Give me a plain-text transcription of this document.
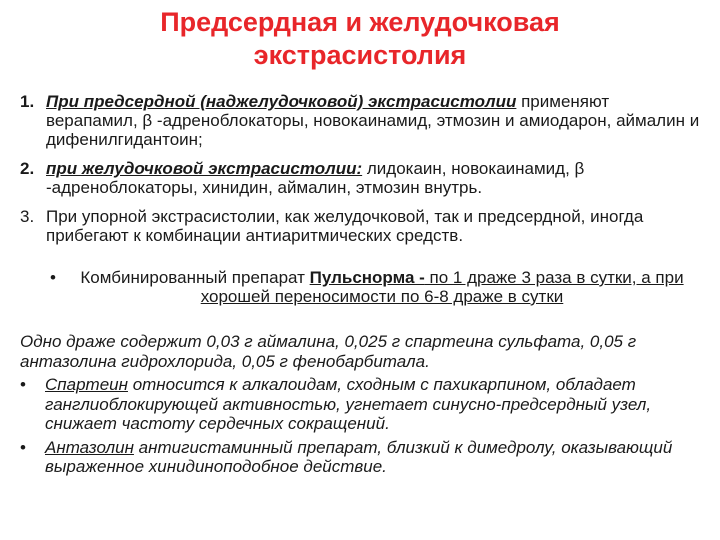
Предсердная и желудочковая
экстрасистолия
1. При предсердной (наджелудочковой) экстрасистолии применяют верапамил, β -адреноблокаторы, новокаинамид, этмозин и амиодарон, аймалин и дифенилгидантоин;
2. при желудочковой экстрасистолии: лидокаин, новокаинамид, β -адреноблокаторы, хинидин, аймалин, этмозин внутрь.
3. При упорной экстрасистолии, как желудочковой, так и предсердной, иногда прибегают к комбинации антиаритмических средств.
•	Комбинированный препарат Пульснорма - по 1 драже 3 раза в сутки, а при хорошей переносимости по 6-8 драже в сутки

Одно драже содержит 0,03 г аймалина, 0,025 г спартеина сульфата, 0,05 г антазолина гидрохлорида, 0,05 г фенобарбитала.

• Спартеин относится к алкалоидам, сходным с пахикарпином, обладает ганглиоблокирующей активностью, угнетает синусно-предсердный узел, снижает частоту сердечных сокращений.
• Антазолин антигистаминный препарат, близкий к димедролу, оказывающий выраженное хинидиноподобное действие.
